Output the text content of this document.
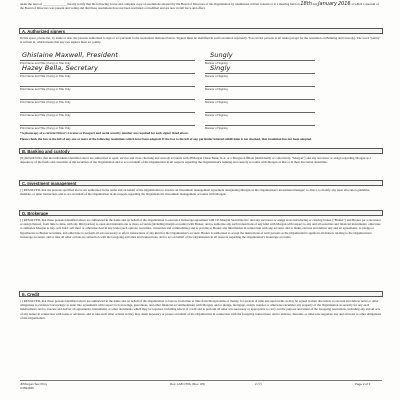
under the laws of _______________ hereby certify that the following is true and complete copy of resolutions adopted by the Board of Directors of the Organization by unanimous written consent or at a meeting held on 18th day January 2016 at which a quorum of the Board of Directors was present and voting and that these resolutions have not been rescinded or modified and are now in full force and effect.
A. Authorized signers
In this space, please list, by name or title, the persons authorized to sign or act pursuant to the resolutions indicated below. Signers must be identified in each resolution separately. You can list persons at all ranks (except for the resolution on Banking and Custody). The word "jointly" is written in, which means that any two signers must act jointly.
Ghislaine Maxwell, President	Sungly
Print Name and Title (If any) or Title Only	Manner of Signing
Hazey Bella, Secretary	Singly
Print Name and Title (If any) or Title Only	Manner of Signing
Print Name and Title (If any) or Title Only	Manner of Signing
Print Name and Title (If any) or Title Only	Manner of Signing
Print Name and Title (If any) or Title Only	Manner of Signing
Print Name and Title (If any) or Title Only	Manner of Signing
*A photocopy of a current Driver's License or Passport and social security number are required for each signer listed above.
Please check the box to the left of any one or more of the following resolutions which have been adopted. If the box to the left of any particular lettered subdivision is not checked, that resolution has not been adopted.
B. Banking and custody
[X] RESOLVED, that the individuals identified above are authorized to open, service and close checking and custody accounts with JPMorgan Chase Bank, N.A. or a Morgan Affiliate (individually or collectively, "Morgan") and any successor or assign regarding Morgan as a depository of the funds and custodian of the securities of the Organization and to act on behalf of the Organization in all respects regarding the Organization's banking and custody accounts with Morgan as that or in their discretion determine.
C. Investment management
[ ] RESOLVED, that the persons specified above are authorized in the name and on behalf of the Organization to execute an investment management agreement designating Morgan as the Organization's investment manager; to direct, to modify any asset allocation guideline, mandate, or other instruction, and to act on behalf of the Organization in all respects regarding the Organization's investment management accounts with Morgan.
D. Brokerage
[ ] RESOLVED, that those persons identified above are authorized in the name and on behalf of the Organization to execute a brokerage agreement with J.P. Morgan Securities Inc. and any successor or assign as its introducing or clearing broker ("Broker") and Broker (or a successor or assign thereof, from time to time, with any third parties) to open and maintain one or more accounts (including margin accounts) with Broker, and to authorize any such transactions of any kind with Morgan with respect to any and all securities and financial instruments; otherwise to authorize Morgan to buy, sell, hold, sell short or otherwise deal in any trade (such options, securities, currencies and commodities) and to provide to Broker any information in connection with any account, and to make, execute and deliver any and all agreements, to pledge or hypothecate to Broker securities, and otherwise to perform all acts necessary to effect transactions of any kind for the Organization's account. Broker is authorized to accept the instructions of such persons as the Organization's agents in all matters relating to the Organization's brokerage accounts, and to take all other actions in connection with the foregoing activities and transactions, and to act on behalf of the Organization in all respects regarding the Organization's brokerage accounts.
E. Credit
[ ] RESOLVED, that those persons identified above are authorized in the name and on behalf of the Organization to borrow from time to time from Morgan sums of money, for periods of time and upon terms as may be agreed in their discretion, to execute and deliver notes or other obligations to evidence borrowings; to enter into agreements with respect to borrowings, guarantees, and other financial accommodations with Morgan, and to pledge, mortgage, assign, transfer or otherwise encumber any property of the Organization as security for any such indebtedness, and to execute and deliver all agreements, instruments or other documents which may be required, including letters of credit and to perform all other acts necessary or appropriate to carry out the purpose and intent of the foregoing resolutions, including any and all acts of any nature in connection with loans or advances, and to take such other actions as they may deem necessary or proper on behalf of the Organization in connection with the foregoing transactions; and to endorse, discount, or otherwise negotiate any and all notes or other obligations of the Organization.
JPMorgan Sec Privy	Doc. 1AB CTRL (Rev. 3/6)	2 (©)	Page 2 of 3
C3594946
